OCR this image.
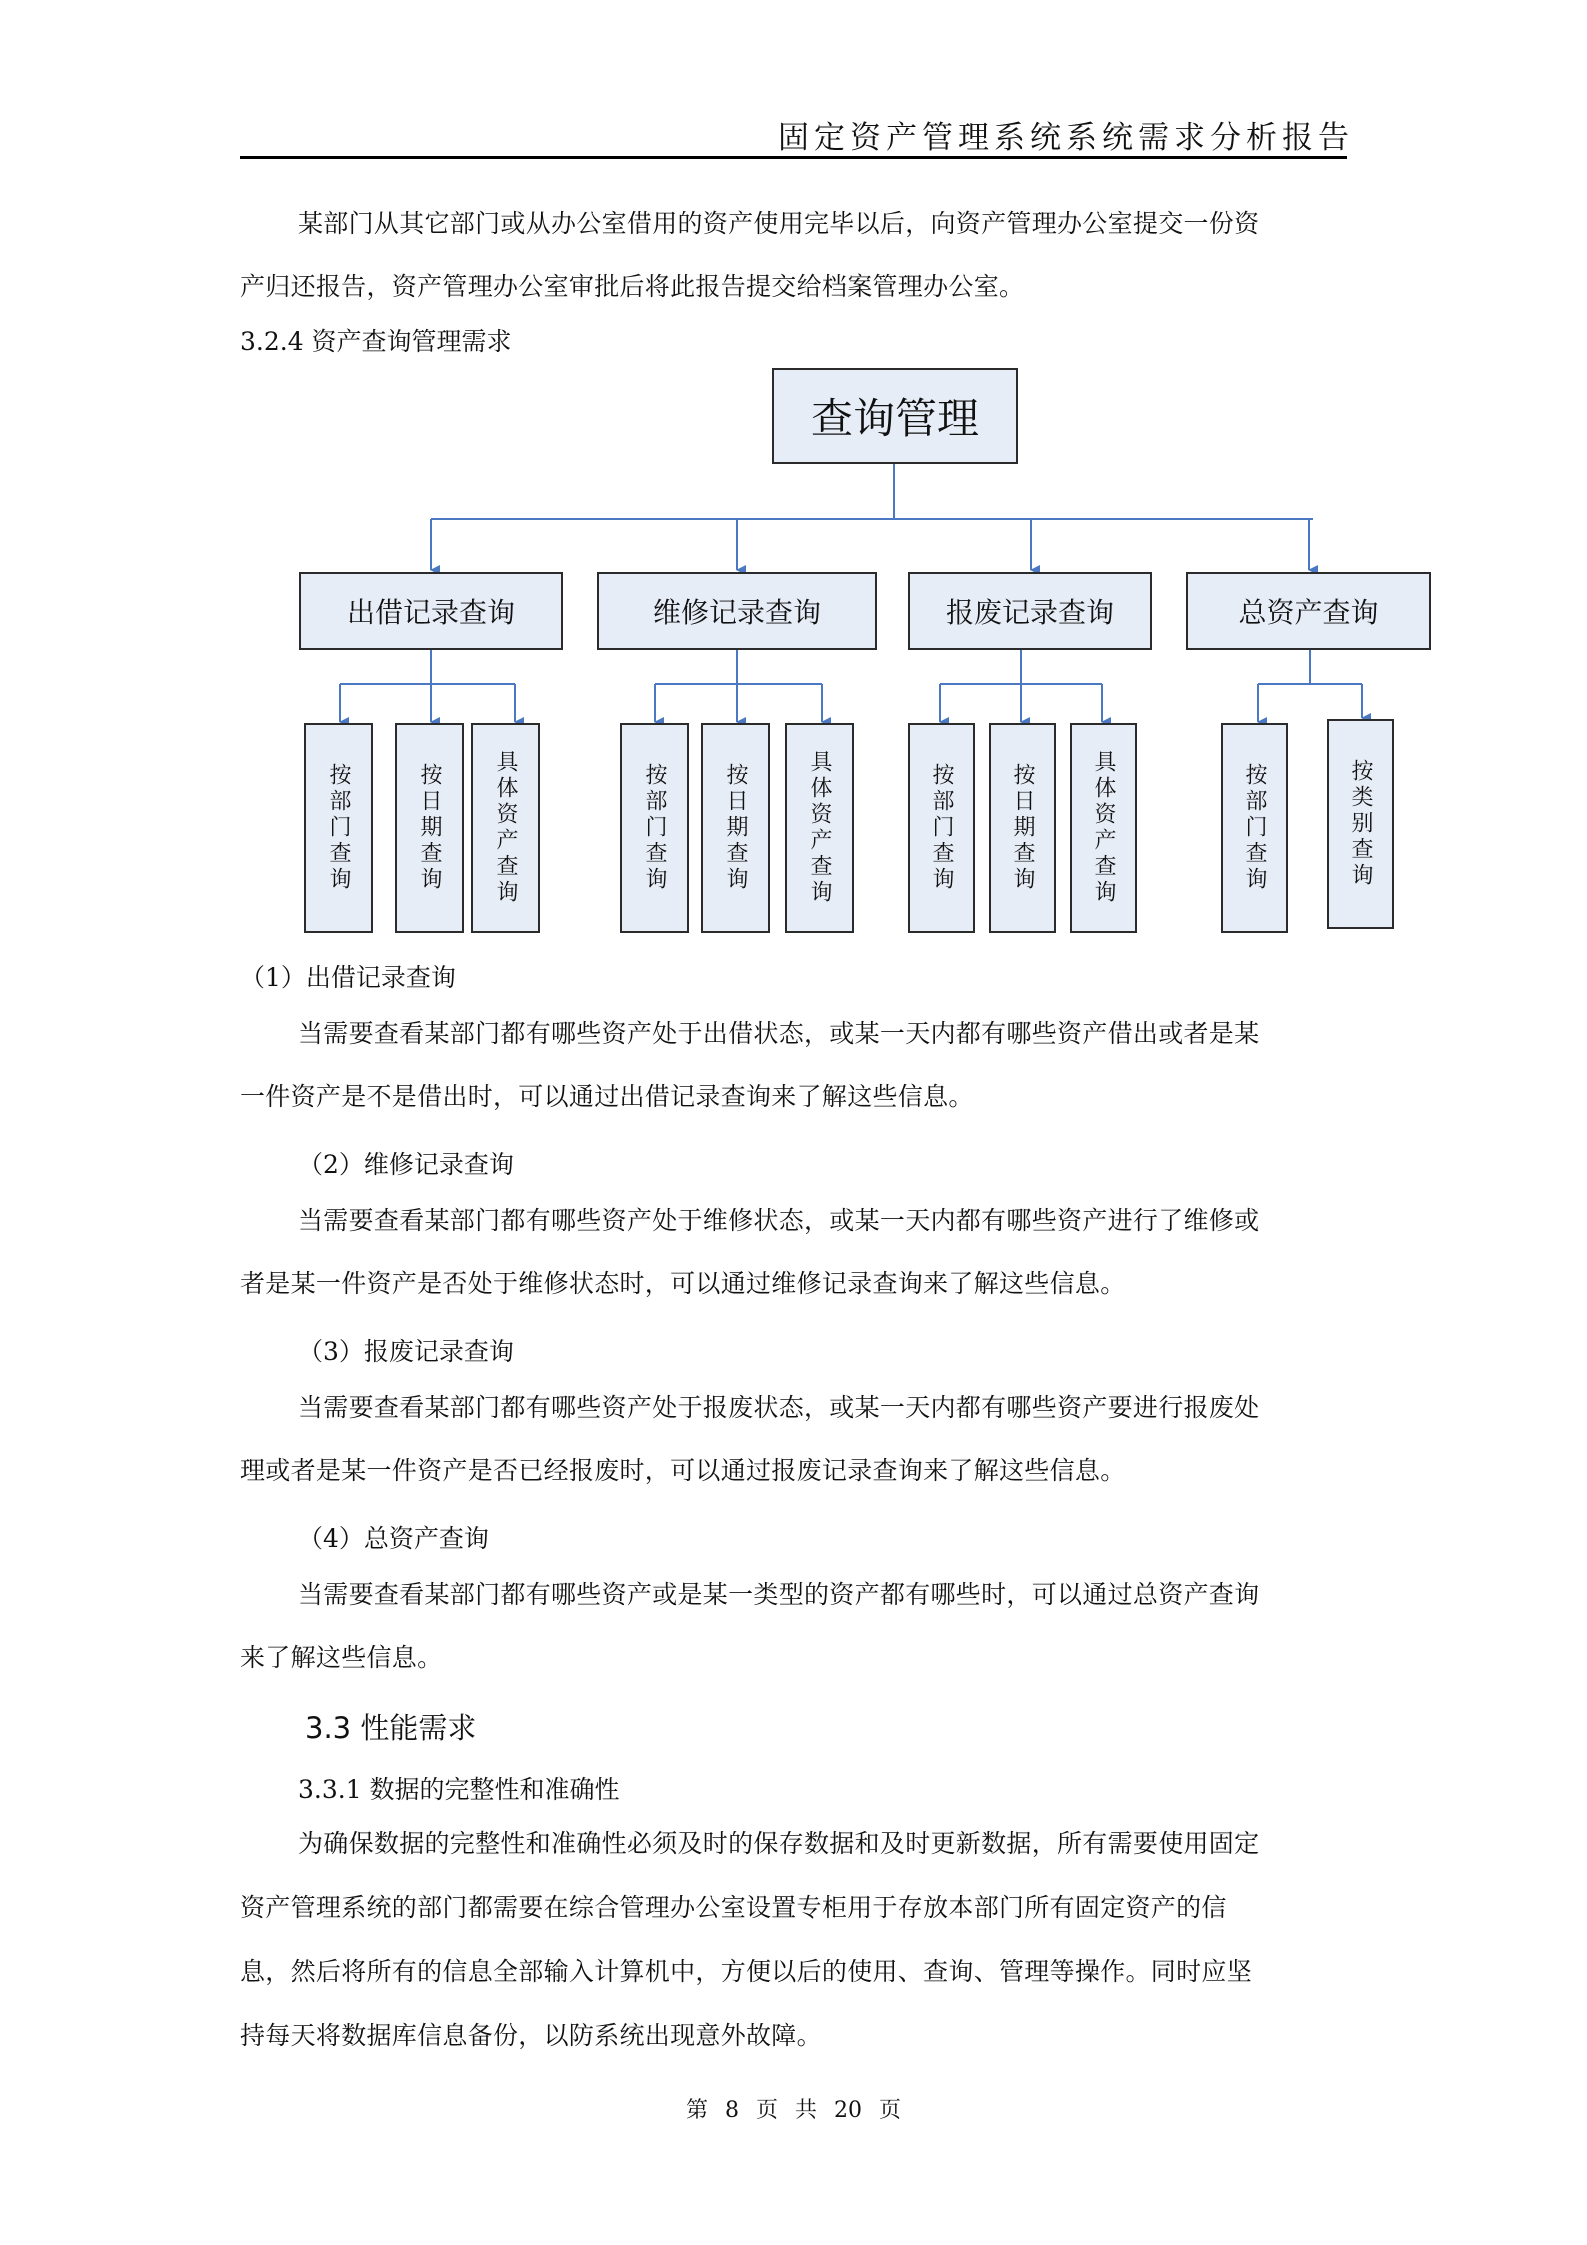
固定资产管理系统系统需求分析报告
某部门从其它部门或从办公室借用的资产使用完毕以后，向资产管理办公室提交一份资
产归还报告，资产管理办公室审批后将此报告提交给档案管理办公室。
3.2.4 资产查询管理需求
查询管理
出借记录查询	维修记录查询	报废记录查询	总资产查询
按部门查询	按日期查询 具体资产查询	按部门查询	按日期查询	具体资产查询	按部门查询	按日期查询	具体资产查询	按部门查询	按类别查询
（1）出借记录查询
当需要查看某部门都有哪些资产处于出借状态，或某一天内都有哪些资产借出或者是某
一件资产是不是借出时，可以通过出借记录查询来了解这些信息。
（2）维修记录查询
当需要查看某部门都有哪些资产处于维修状态，或某一天内都有哪些资产进行了维修或
者是某一件资产是否处于维修状态时，可以通过维修记录查询来了解这些信息。
（3）报废记录查询
当需要查看某部门都有哪些资产处于报废状态，或某一天内都有哪些资产要进行报废处
理或者是某一件资产是否已经报废时，可以通过报废记录查询来了解这些信息。
（4）总资产查询
当需要查看某部门都有哪些资产或是某一类型的资产都有哪些时，可以通过总资产查询
来了解这些信息。
3.3 性能需求
3.3.1 数据的完整性和准确性
为确保数据的完整性和准确性必须及时的保存数据和及时更新数据，所有需要使用固定
资产管理系统的部门都需要在综合管理办公室设置专柜用于存放本部门所有固定资产的信
息，然后将所有的信息全部输入计算机中，方便以后的使用、查询、管理等操作。同时应坚
持每天将数据库信息备份，以防系统出现意外故障。
第 8 页 共 20 页
